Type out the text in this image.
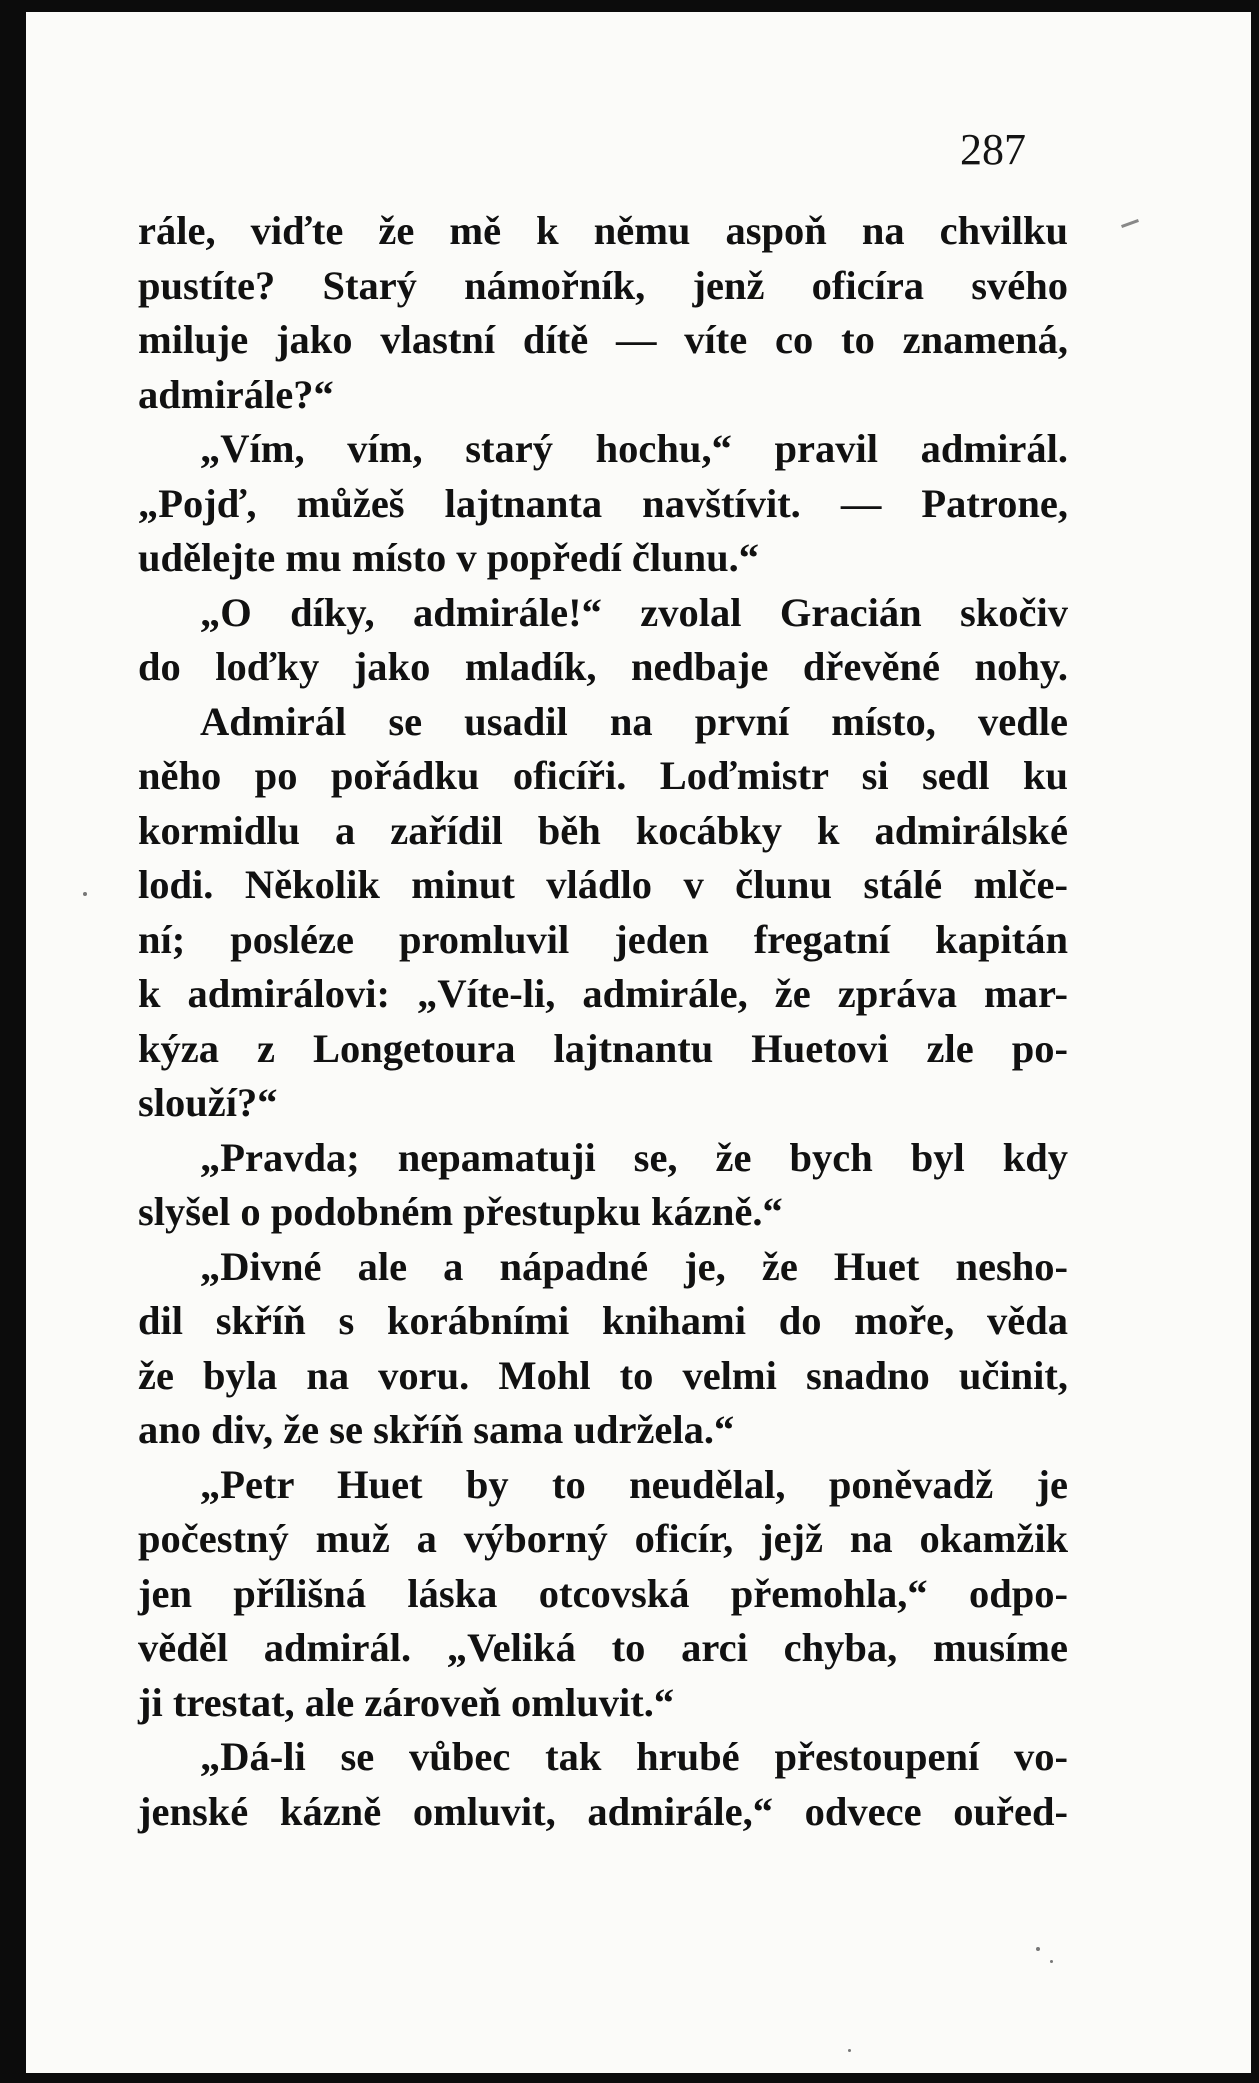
287
rále, viďte že mě k němu aspoň na chvilku
pustíte? Starý námořník, jenž oficíra svého
miluje jako vlastní dítě — víte co to znamená,
admirále?“
„Vím, vím, starý hochu,“ pravil admirál.
„Pojď, můžeš lajtnanta navštívit. — Patrone,
udělejte mu místo v popředí člunu.“
„O díky, admirále!“ zvolal Gracián skočiv
do loďky jako mladík, nedbaje dřevěné nohy.
Admirál se usadil na první místo, vedle
něho po pořádku oficíři. Loďmistr si sedl ku
kormidlu a zařídil běh kocábky k admirálské
lodi. Několik minut vládlo v člunu stálé mlče-
ní; posléze promluvil jeden fregatní kapitán
k admirálovi: „Víte-li, admirále, že zpráva mar-
kýza z Longetoura lajtnantu Huetovi zle po-
slouží?“
„Pravda; nepamatuji se, že bych byl kdy
slyšel o podobném přestupku kázně.“
„Divné ale a nápadné je, že Huet nesho-
dil skříň s korábními knihami do moře, věda
že byla na voru. Mohl to velmi snadno učinit,
ano div, že se skříň sama udržela.“
„Petr Huet by to neudělal, poněvadž je
počestný muž a výborný oficír, jejž na okamžik
jen přílišná láska otcovská přemohla,“ odpo-
věděl admirál. „Veliká to arci chyba, musíme
ji trestat, ale zároveň omluvit.“
„Dá-li se vůbec tak hrubé přestoupení vo-
jenské kázně omluvit, admirále,“ odvece ouřed-
